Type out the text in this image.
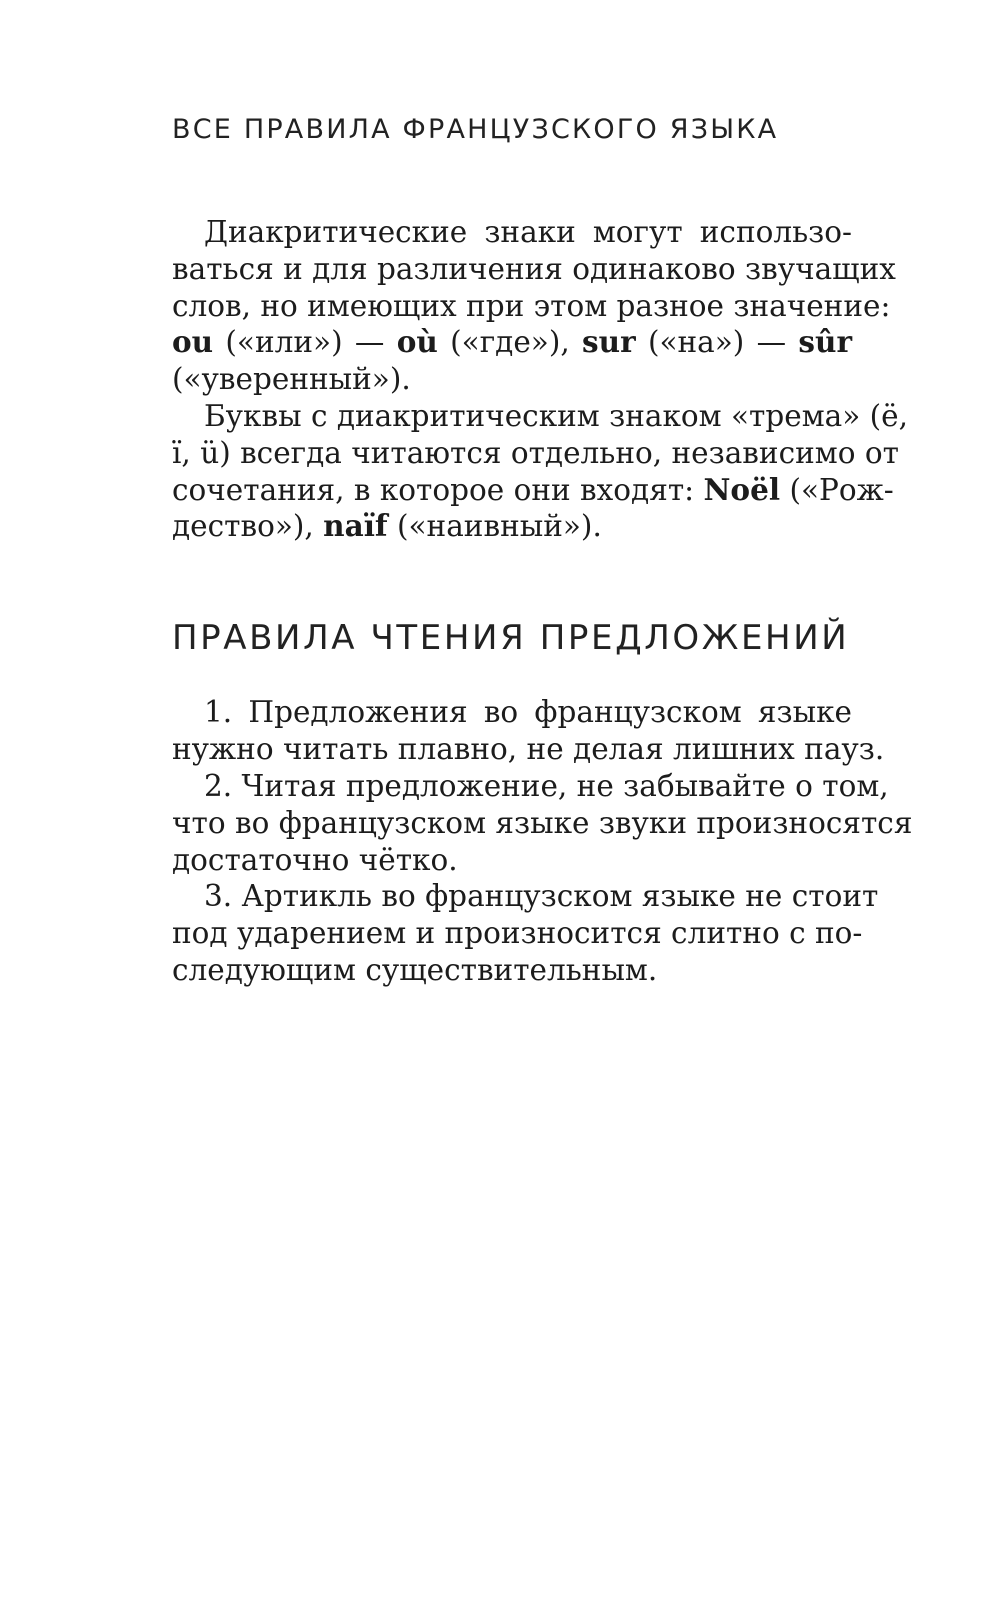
ВСЕ ПРАВИЛА ФРАНЦУЗСКОГО ЯЗЫКА
Диакритические знаки могут использо-
ваться и для различения одинаково звучащих
слов, но имеющих при этом разное значение:
ou («или») — où («где»), sur («на») — sûr
(«уверенный»).
Буквы с диакритическим знаком «трема» (ë,
ï, ü) всегда читаются отдельно, независимо от
сочетания, в которое они входят: Noël («Рож-
дество»), naïf («наивный»).
ПРАВИЛА ЧТЕНИЯ ПРЕДЛОЖЕНИЙ
1. Предложения во французском языке
нужно читать плавно, не делая лишних пауз.
2. Читая предложение, не забывайте о том,
что во французском языке звуки произносятся
достаточно чётко.
3. Артикль во французском языке не стоит
под ударением и произносится слитно с по-
следующим существительным.
